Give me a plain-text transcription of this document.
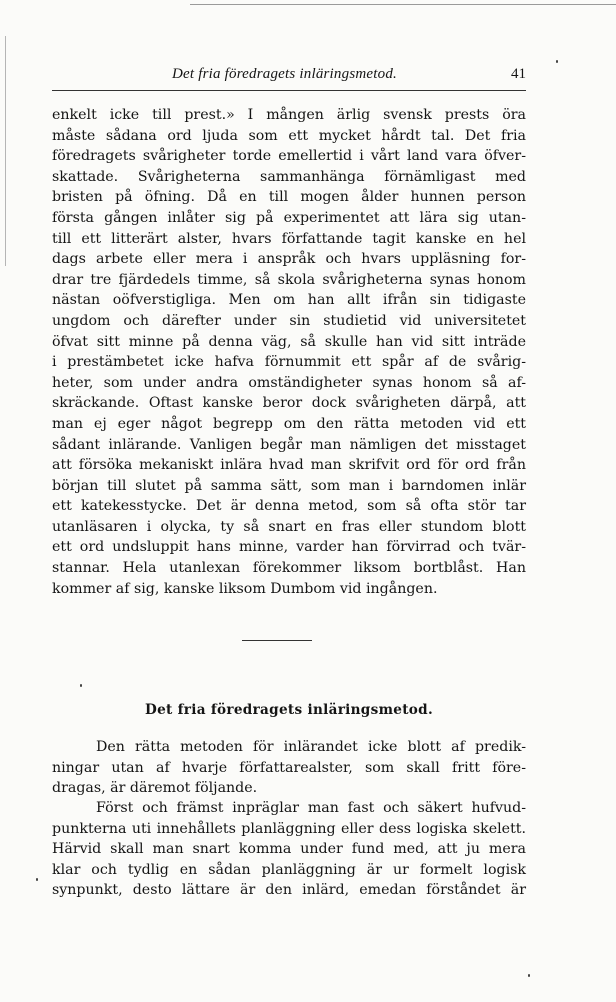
Det fria föredragets inläringsmetod.	41
enkelt icke till prest.» I mången ärlig svensk prests öra
måste sådana ord ljuda som ett mycket hårdt tal. Det fria
föredragets svårigheter torde emellertid i vårt land vara öfver-
skattade. Svårigheterna sammanhänga förnämligast med
bristen på öfning. Då en till mogen ålder hunnen person
första gången inlåter sig på experimentet att lära sig utan-
till ett litterärt alster, hvars författande tagit kanske en hel
dags arbete eller mera i anspråk och hvars uppläsning for-
drar tre fjärdedels timme, så skola svårigheterna synas honom
nästan oöfverstigliga. Men om han allt ifrån sin tidigaste
ungdom och därefter under sin studietid vid universitetet
öfvat sitt minne på denna väg, så skulle han vid sitt inträde
i prestämbetet icke hafva förnummit ett spår af de svårig-
heter, som under andra omständigheter synas honom så af-
skräckande. Oftast kanske beror dock svårigheten därpå, att
man ej eger något begrepp om den rätta metoden vid ett
sådant inlärande. Vanligen begår man nämligen det misstaget
att försöka mekaniskt inlära hvad man skrifvit ord för ord från
början till slutet på samma sätt, som man i barndomen inlär
ett katekesstycke. Det är denna metod, som så ofta stör tar
utanläsaren i olycka, ty så snart en fras eller stundom blott
ett ord undsluppit hans minne, varder han förvirrad och tvär-
stannar. Hela utanlexan förekommer liksom bortblåst. Han
kommer af sig, kanske liksom Dumbom vid ingången.
Det fria föredragets inläringsmetod.
Den rätta metoden för inlärandet icke blott af predik-
ningar utan af hvarje författarealster, som skall fritt före-
dragas, är däremot följande.
Först och främst inpräglar man fast och säkert hufvud-
punkterna uti innehållets planläggning eller dess logiska skelett.
Härvid skall man snart komma under fund med, att ju mera
klar och tydlig en sådan planläggning är ur formelt logisk
synpunkt, desto lättare är den inlärd, emedan förståndet är
